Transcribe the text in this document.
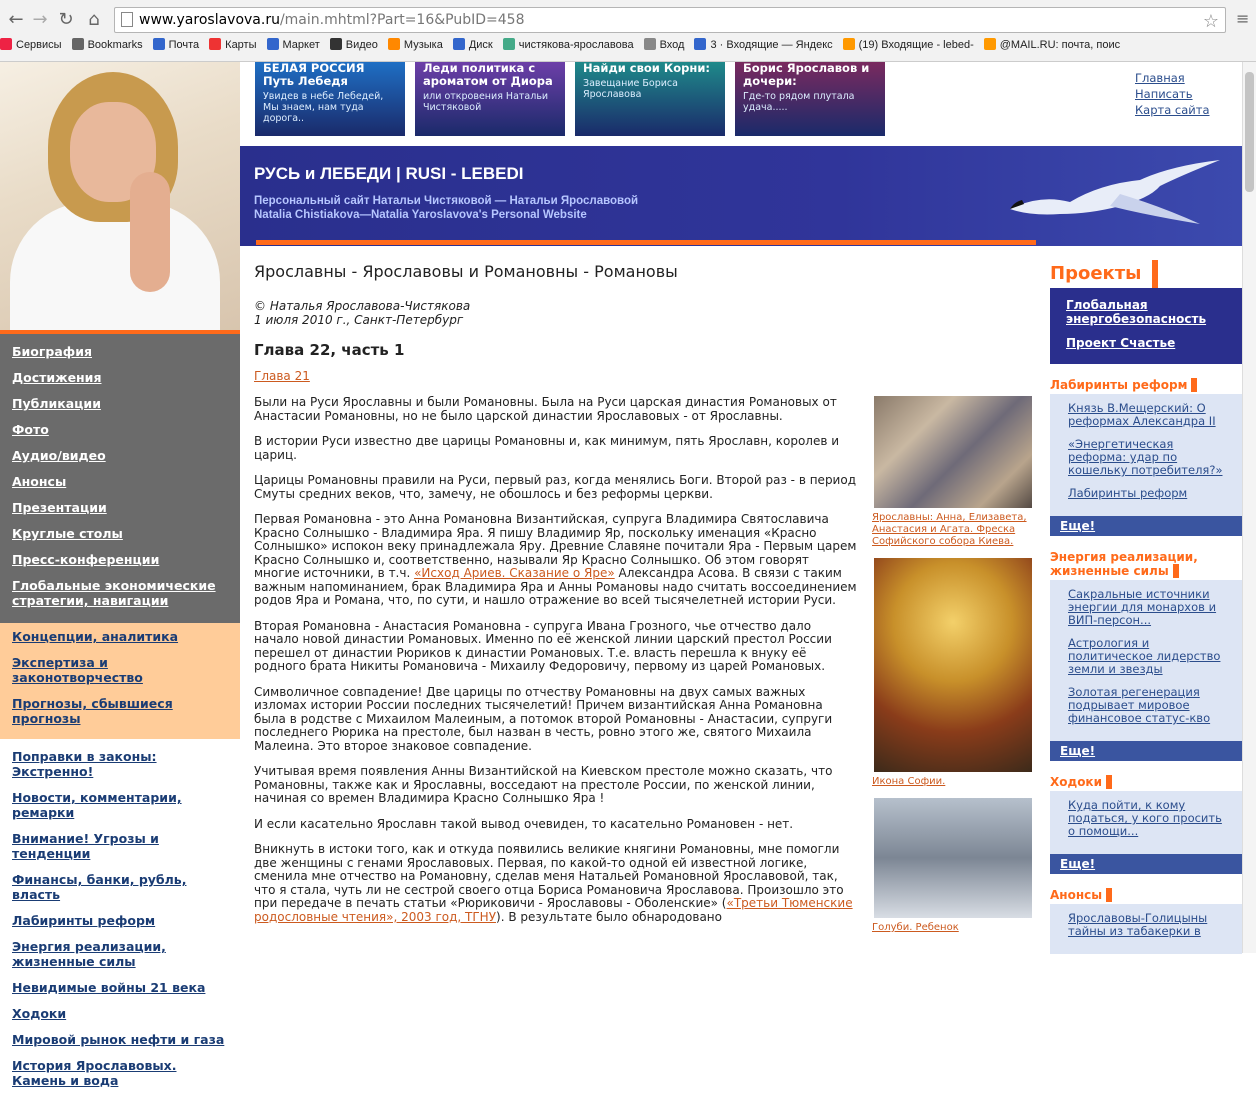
← → ↻ ⌂	www.yaroslavova.ru/main.mhtml?Part=16&PubID=458	☆ ≡
Сервисы Bookmarks Почта Карты Маркет Видео Музыка Диск чистякова-ярославова Вход 3 · Входящие — Яндекс (19) Входящие - lebed- @MAIL.RU: почта, поис
Биография
Достижения
Публикации
Фото
Аудио/видео
Анонсы
Презентации
Круглые столы
Пресс-конференции
Глобальные экономические стратегии, навигации
Концепции, аналитика
Экспертиза и законотворчество
Прогнозы, сбывшиеся прогнозы
Поправки в законы: Экстренно!
Новости, комментарии, ремарки
Внимание! Угрозы и тенденции
Финансы, банки, рубль, власть
Лабиринты реформ
Энергия реализации, жизненные силы
Невидимые войны 21 века
Ходоки
Мировой рынок нефти и газа
История Ярославовых. Камень и вода
БЕЛАЯ РОССИЯ Путь Лебедя
Увидев в небе Лебедей, Мы знаем, нам туда дорога..
Леди политика с ароматом от Диора
или откровения Натальи Чистяковой
Найди свои Корни:
Завещание Бориса Ярославова
Борис Ярославов и дочери:
Где-то рядом плутала удача.....
Главная
Написать
Карта сайта
РУСЬ и ЛЕБЕДИ | RUSI - LEBEDI
Персональный сайт Натальи Чистяковой — Натальи Ярославовой
Natalia Chistiakova—Natalia Yaroslavova's Personal Website
Ярославны - Ярославовы и Романовны - Романовы
© Наталья Ярославова-Чистякова
1 июля 2010 г., Санкт-Петербург
Глава 22, часть 1
Глава 21

Были на Руси Ярославны и были Романовны. Была на Руси царская династия Романовых от Анастасии Романовны, но не было царской династии Ярославовых - от Ярославны.

В истории Руси известно две царицы Романовны и, как минимум, пять Ярославн, королев и цариц.

Царицы Романовны правили на Руси, первый раз, когда менялись Боги. Второй раз - в период Смуты средних веков, что, замечу, не обошлось и без реформы церкви.

Первая Романовна - это Анна Романовна Византийская, супруга Владимира Святославича Красно Солнышко - Владимира Яра. Я пишу Владимир Яр, поскольку именация «Красно Солнышко» испокон веку принадлежала Яру. Древние Славяне почитали Яра - Первым царем Красно Солнышко и, соответственно, называли Яр Красно Солнышко. Об этом говорят многие источники, в т.ч. «Исход Ариев. Сказание о Яре» Александра Асова. В связи с таким важным напоминанием, брак Владимира Яра и Анны Романовы надо считать воссоединением родов Яра и Романа, что, по сути, и нашло отражение во всей тысячелетней истории Руси.

Вторая Романовна - Анастасия Романовна - супруга Ивана Грозного, чье отчество дало начало новой династии Романовых. Именно по её женской линии царский престол России перешел от династии Рюриков к династии Романовых. Т.е. власть перешла к внуку её родного брата Никиты Романовича - Михаилу Федоровичу, первому из царей Романовых.

Символичное совпадение! Две царицы по отчеству Романовны на двух самых важных изломах истории России последних тысячелетий! Причем византийская Анна Романовна была в родстве с Михаилом Малеиным, а потомок второй Романовны - Анастасии, супруги последнего Рюрика на престоле, был назван в честь, ровно этого же, святого Михаила Малеина. Это второе знаковое совпадение.

Учитывая время появления Анны Византийской на Киевском престоле можно сказать, что Романовны, также как и Ярославны, восседают на престоле России, по женской линии, начиная со времен Владимира Красно Солнышко Яра !

И если касательно Ярославн такой вывод очевиден, то касательно Романовен - нет.

Вникнуть в истоки того, как и откуда появились великие княгини Романовны, мне помогли две женщины с генами Ярославовых. Первая, по какой-то одной ей известной логике, сменила мне отчество на Романовну, сделав меня Натальей Романовной Ярославовой, так, что я стала, чуть ли не сестрой своего отца Бориса Романовича Ярославова. Произошло это при передаче в печать статьи «Рюриковичи - Ярославовы - Оболенские» («Третьи Тюменские родословные чтения», 2003 год, ТГНУ). В результате было обнародовано

Ярославны: Анна, Елизавета, Анастасия и Агата. Фреска Софийского собора Киева.
Икона Софии.
Голуби. Ребенок
Проекты
Глобальная энергобезопасность
Проект Счастье
Лабиринты реформ
Князь В.Мещерский: О реформах Александра II
«Энергетическая реформа: удар по кошельку потребителя?»
Лабиринты реформ
Еще!
Энергия реализации, жизненные силы
Сакральные источники энергии для монархов и ВИП-персон...
Астрология и политическое лидерство земли и звезды
Золотая регенерация подрывает мировое финансовое статус-кво
Еще!
Ходоки
Куда пойти, к кому податься, у кого просить о помощи...
Еще!
Анонсы
Ярославовы-Голицыны тайны из табакерки в
